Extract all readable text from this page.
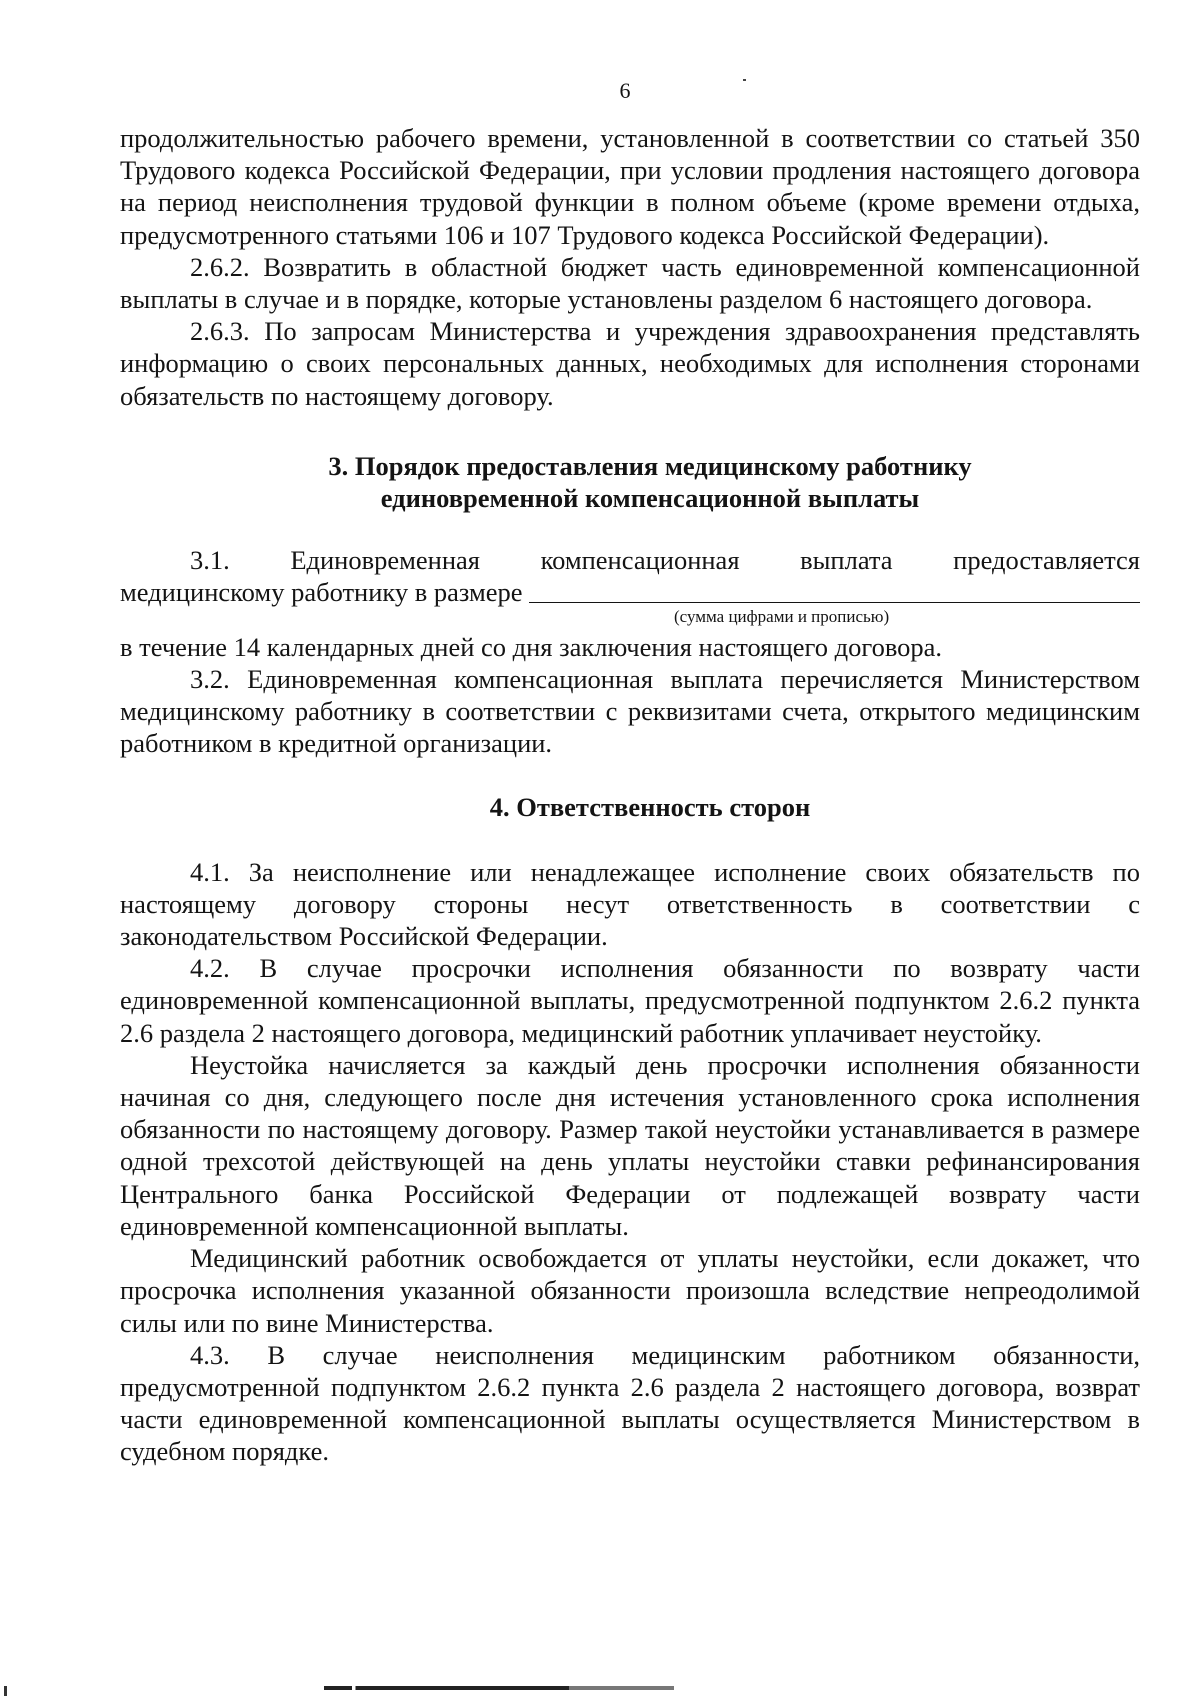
6

продолжительностью рабочего времени, установленной в соответствии со статьей 350 Трудового кодекса Российской Федерации, при условии продления настоящего договора на период неисполнения трудовой функции в полном объеме (кроме времени отдыха, предусмотренного статьями 106 и 107 Трудового кодекса Российской Федерации).

2.6.2. Возвратить в областной бюджет часть единовременной компенсационной выплаты в случае и в порядке, которые установлены разделом 6 настоящего договора.

2.6.3. По запросам Министерства и учреждения здравоохранения представлять информацию о своих персональных данных, необходимых для исполнения сторонами обязательств по настоящему договору.

3. Порядок предоставления медицинскому работнику

единовременной компенсационной выплаты

3.1. Единовременная компенсационная выплата предоставляется

медицинскому работнику в размере
(сумма цифрами и прописью)

в течение 14 календарных дней со дня заключения настоящего договора.

3.2. Единовременная компенсационная выплата перечисляется Министерством медицинскому работнику в соответствии с реквизитами счета, открытого медицинским работником в кредитной организации.

4. Ответственность сторон

4.1. За неисполнение или ненадлежащее исполнение своих обязательств по настоящему договору стороны несут ответственность в соответствии с законодательством Российской Федерации.

4.2. В случае просрочки исполнения обязанности по возврату части единовременной компенсационной выплаты, предусмотренной подпунктом 2.6.2 пункта 2.6 раздела 2 настоящего договора, медицинский работник уплачивает неустойку.

Неустойка начисляется за каждый день просрочки исполнения обязанности начиная со дня, следующего после дня истечения установленного срока исполнения обязанности по настоящему договору. Размер такой неустойки устанавливается в размере одной трехсотой действующей на день уплаты неустойки ставки рефинансирования Центрального банка Российской Федерации от подлежащей возврату части единовременной компенсационной выплаты.

Медицинский работник освобождается от уплаты неустойки, если докажет, что просрочка исполнения указанной обязанности произошла вследствие непреодолимой силы или по вине Министерства.

4.3. В случае неисполнения медицинским работником обязанности, предусмотренной подпунктом 2.6.2 пункта 2.6 раздела 2 настоящего договора, возврат части единовременной компенсационной выплаты осуществляется Министерством в судебном порядке.
